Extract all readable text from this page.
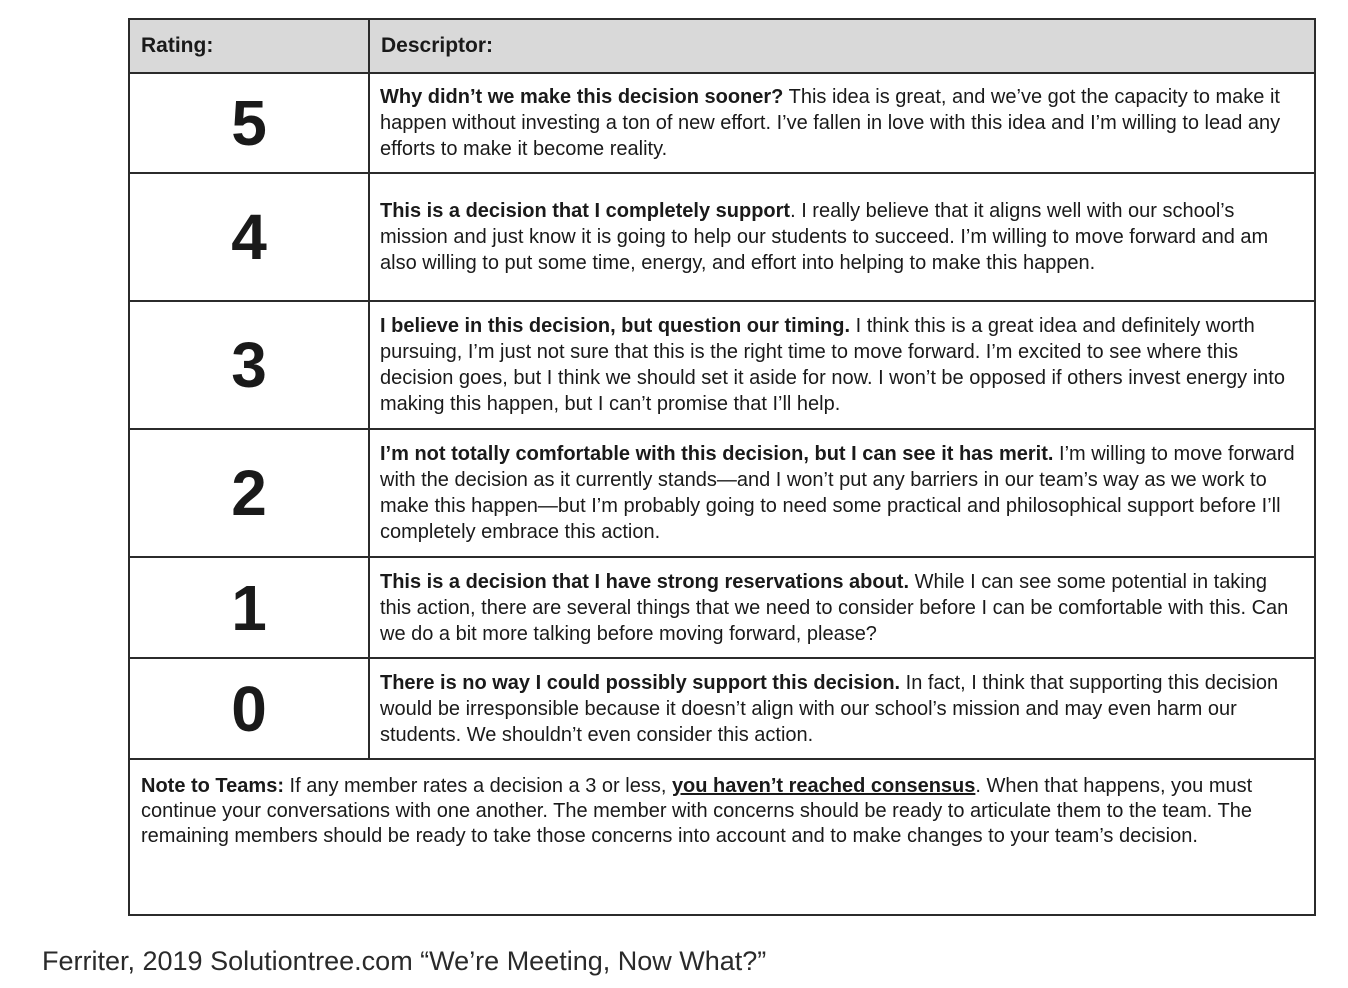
Rating:	Descriptor:
5	Why didn’t we make this decision sooner? This idea is great, and we’ve got the capacity to make it happen without investing a ton of new effort. I’ve fallen in love with this idea and I’m willing to lead any efforts to make it become reality.
4	This is a decision that I completely support. I really believe that it aligns well with our school’s mission and just know it is going to help our students to succeed. I’m willing to move forward and am also willing to put some time, energy, and effort into helping to make this happen.
3	I believe in this decision, but question our timing. I think this is a great idea and definitely worth pursuing, I’m just not sure that this is the right time to move forward. I’m excited to see where this decision goes, but I think we should set it aside for now. I won’t be opposed if others invest energy into making this happen, but I can’t promise that I’ll help.
2	I’m not totally comfortable with this decision, but I can see it has merit. I’m willing to move forward with the decision as it currently stands—and I won’t put any barriers in our team’s way as we work to make this happen—but I’m probably going to need some practical and philosophical support before I’ll completely embrace this action.
1	This is a decision that I have strong reservations about. While I can see some potential in taking this action, there are several things that we need to consider before I can be comfortable with this. Can we do a bit more talking before moving forward, please?
0	There is no way I could possibly support this decision. In fact, I think that supporting this decision would be irresponsible because it doesn’t align with our school’s mission and may even harm our students. We shouldn’t even consider this action.
Note to Teams: If any member rates a decision a 3 or less, you haven’t reached consensus. When that happens, you must continue your conversations with one another. The member with concerns should be ready to articulate them to the team. The remaining members should be ready to take those concerns into account and to make changes to your team’s decision.	
Ferriter, 2019 Solutiontree.com “We’re Meeting, Now What?”
